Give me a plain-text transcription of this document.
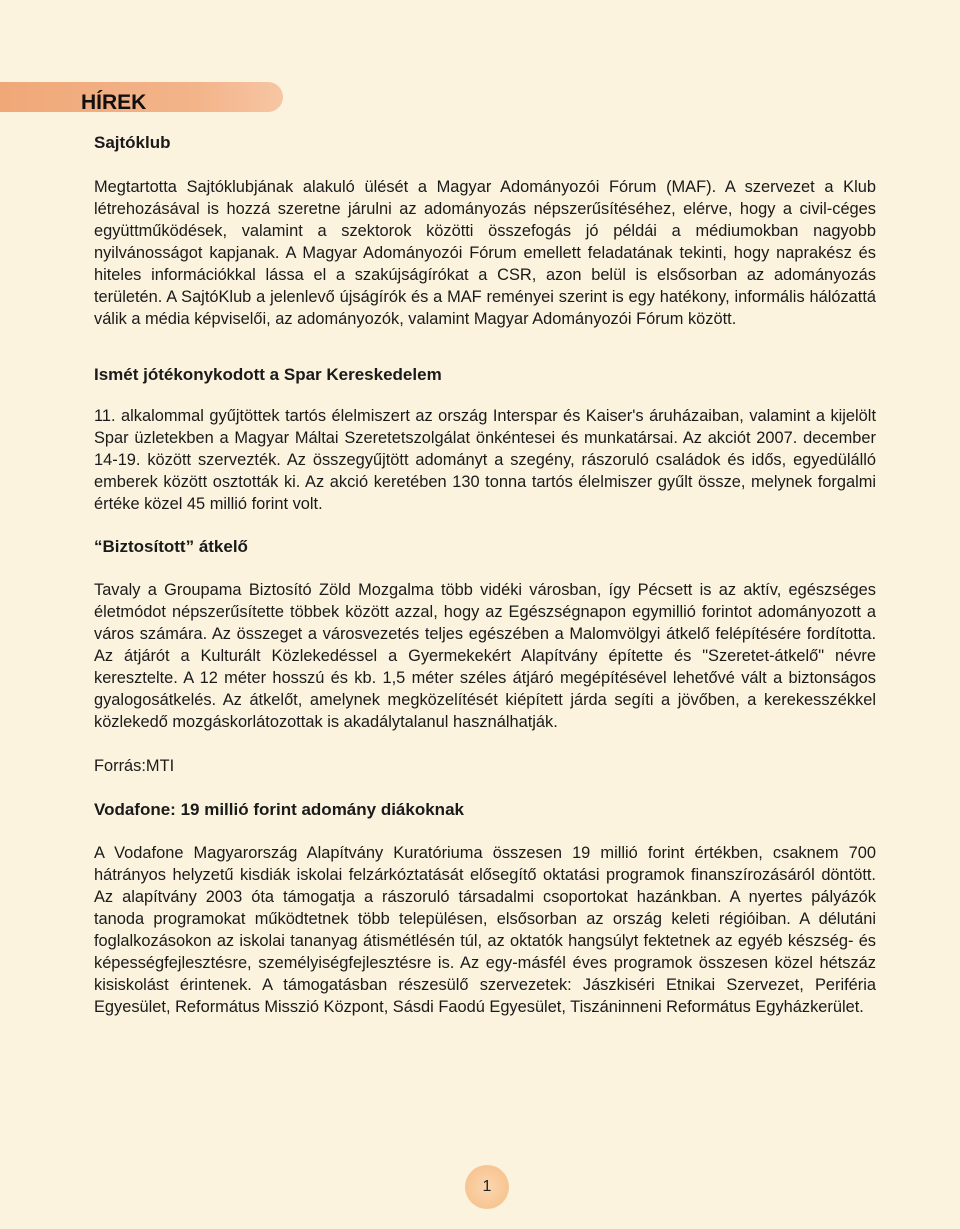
HÍREK
Sajtóklub

Megtartotta Sajtóklubjának alakuló ülését a Magyar Adományozói Fórum (MAF). A szervezet a Klub létrehozásával is hozzá szeretne járulni az adományozás népszerűsítéséhez, elérve, hogy a civil-céges együttműködések, valamint a szektorok közötti összefogás jó példái a médiumokban nagyobb nyilvánosságot kapjanak. A Magyar Adományozói Fórum emellett feladatának tekinti, hogy naprakész és hiteles információkkal lássa el a szakújságírókat a CSR, azon belül is elsősorban az adományozás területén. A SajtóKlub a jelenlevő újságírók és a MAF reményei szerint is egy hatékony, informális hálózattá válik a média képviselői, az adományozók, valamint Magyar Adományozói Fórum között.

Ismét jótékonykodott a Spar Kereskedelem

11. alkalommal gyűjtöttek tartós élelmiszert az ország Interspar és Kaiser's áruházaiban, valamint a kijelölt Spar üzletekben a Magyar Máltai Szeretetszolgálat önkéntesei és munkatársai. Az akciót 2007. december 14-19. között szervezték. Az összegyűjtött adományt a szegény, rászoruló családok és idős, egyedülálló emberek között osztották ki. Az akció keretében 130 tonna tartós élelmiszer gyűlt össze, melynek forgalmi értéke közel 45 millió forint volt.

“Biztosított” átkelő

Tavaly a Groupama Biztosító Zöld Mozgalma több vidéki városban, így Pécsett is az aktív, egészséges életmódot népszerűsítette többek között azzal, hogy az Egészségnapon egymillió forintot adományozott a város számára. Az összeget a városvezetés teljes egészében a Malomvölgyi átkelő felépítésére fordította. Az átjárót a Kulturált Közlekedéssel a Gyermekekért Alapítvány építette és "Szeretet-átkelő" névre keresztelte. A 12 méter hosszú és kb. 1,5 méter széles átjáró megépítésével lehetővé vált a biztonságos gyalogosátkelés. Az átkelőt, amelynek megközelítését kiépített járda segíti a jövőben, a kerekesszékkel közlekedő mozgáskorlátozottak is akadálytalanul használhatják.

Forrás:MTI

Vodafone: 19 millió forint adomány diákoknak

A Vodafone Magyarország Alapítvány Kuratóriuma összesen 19 millió forint értékben, csaknem 700 hátrányos helyzetű kisdiák iskolai felzárkóztatását elősegítő oktatási programok finanszírozásáról döntött. Az alapítvány 2003 óta támogatja a rászoruló társadalmi csoportokat hazánkban. A nyertes pályázók tanoda programokat működtetnek több településen, elsősorban az ország keleti régióiban. A délutáni foglalkozásokon az iskolai tananyag átismétlésén túl, az oktatók hangsúlyt fektetnek az egyéb készség- és képességfejlesztésre, személyiségfejlesztésre is. Az egy-másfél éves programok összesen közel hétszáz kisiskolást érintenek. A támogatásban részesülő szervezetek: Jászkiséri Etnikai Szervezet, Periféria Egyesület, Református Misszió Központ, Sásdi Faodú Egyesület, Tiszáninneni Református Egyházkerület.

1
